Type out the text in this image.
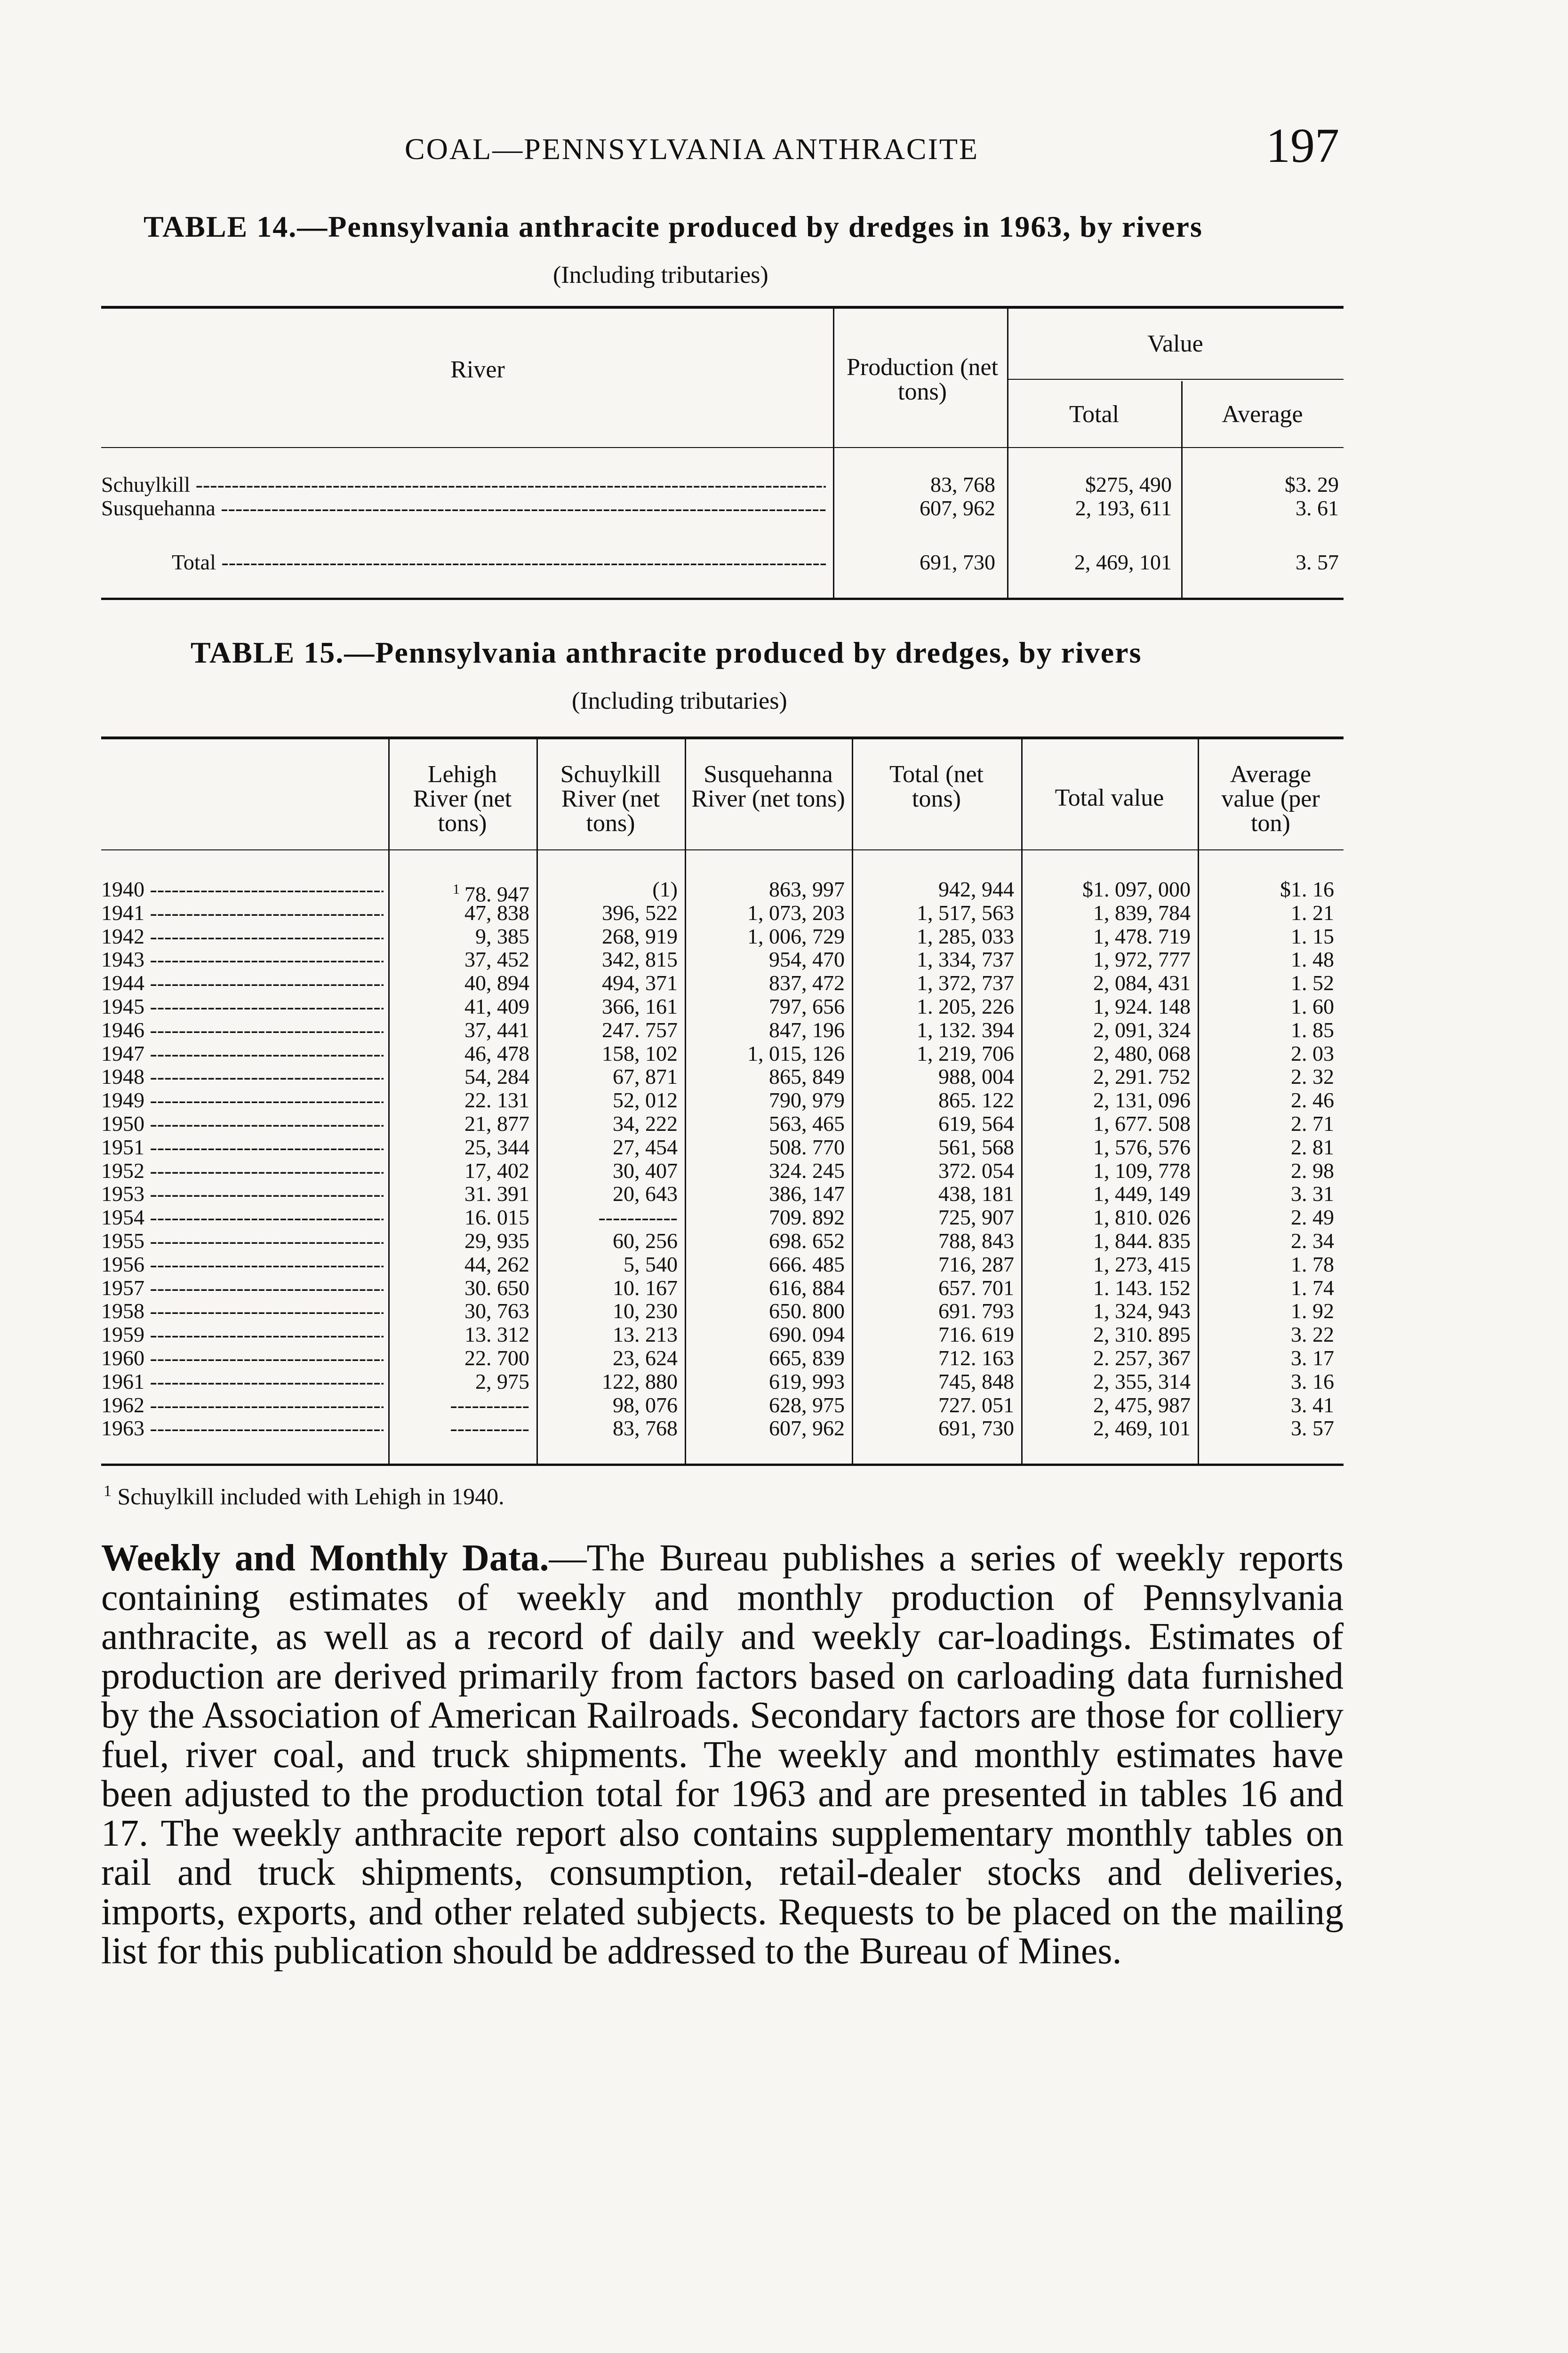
COAL—PENNSYLVANIA ANTHRACITE	197
TABLE 14.—Pennsylvania anthracite produced by dredges in 1963, by rivers
(Including tributaries)
River	Production (net tons)
Value
Total	Average
Schuylkill -----	83, 768	$275, 490	$3. 29
Susquehanna -----	607, 962	2, 193, 611	3. 61
Total -----	691, 730	2, 469, 101	3. 57
TABLE 15.—Pennsylvania anthracite produced by dredges, by rivers
(Including tributaries)
Lehigh River (net tons)
Schuylkill River (net tons)
Susquehanna River (net tons)
Total (net tons)	Total value
Average value (per ton)
1940 -----	$^1$ 78. 947	(1)	863, 997	942, 944	$1. 097, 000	$1. 16
1941 -----	47, 838	396, 522	1, 073, 203	1, 517, 563	1, 839, 784	1. 21
1942 -----	9, 385	268, 919	1, 006, 729	1, 285, 033	1, 478. 719	1. 15
1943 -----	37, 452	342, 815	954, 470	1, 334, 737	1, 972, 777	1. 48
1944 -----	40, 894	494, 371	837, 472	1, 372, 737	2, 084, 431	1. 52
1945 -----	41, 409	366, 161	797, 656	1. 205, 226	1, 924. 148	1. 60
1946 -----	37, 441	247. 757	847, 196	1, 132. 394	2, 091, 324	1. 85
1947 -----	46, 478	158, 102	1, 015, 126	1, 219, 706	2, 480, 068	2. 03
1948 -----	54, 284	67, 871	865, 849	988, 004	2, 291. 752	2. 32
1949 -----	22. 131	52, 012	790, 979	865. 122	2, 131, 096	2. 46
1950 -----	21, 877	34, 222	563, 465	619, 564	1, 677. 508	2. 71
1951 -----	25, 344	27, 454	508. 770	561, 568	1, 576, 576	2. 81
1952 -----	17, 402	30, 407	324. 245	372. 054	1, 109, 778	2. 98
1953 -----	31. 391	20, 643	386, 147	438, 181	1, 449, 149	3. 31
1954 -----	16. 015	-----------	709. 892	725, 907	1, 810. 026	2. 49
1955 -----	29, 935	60, 256	698. 652	788, 843	1, 844. 835	2. 34
1956 -----	44, 262	5, 540	666. 485	716, 287	1, 273, 415	1. 78
1957 -----	30. 650	10. 167	616, 884	657. 701	1. 143. 152	1. 74
1958 -----	30, 763	10, 230	650. 800	691. 793	1, 324, 943	1. 92
1959 -----	13. 312	13. 213	690. 094	716. 619	2, 310. 895	3. 22
1960 -----	22. 700	23, 624	665, 839	712. 163	2. 257, 367	3. 17
1961 -----	2, 975	122, 880	619, 993	745, 848	2, 355, 314	3. 16
1962 -----	-----------	98, 076	628, 975	727. 051	2, 475, 987	3. 41
1963 -----	-----------	83, 768	607, 962	691, 730	2, 469, 101	3. 57
$^1$ Schuylkill included with Lehigh in 1940.
Weekly and Monthly Data.—The Bureau publishes a series of weekly reports containing estimates of weekly and monthly production of Pennsylvania anthracite, as well as a record of daily and weekly car-loadings. Estimates of production are derived primarily from factors based on carloading data furnished by the Association of American Railroads. Secondary factors are those for colliery fuel, river coal, and truck shipments. The weekly and monthly estimates have been adjusted to the production total for 1963 and are presented in tables 16 and 17. The weekly anthracite report also contains supplementary monthly tables on rail and truck shipments, consumption, retail-dealer stocks and deliveries, imports, exports, and other related subjects. Requests to be placed on the mailing list for this publication should be addressed to the Bureau of Mines.
